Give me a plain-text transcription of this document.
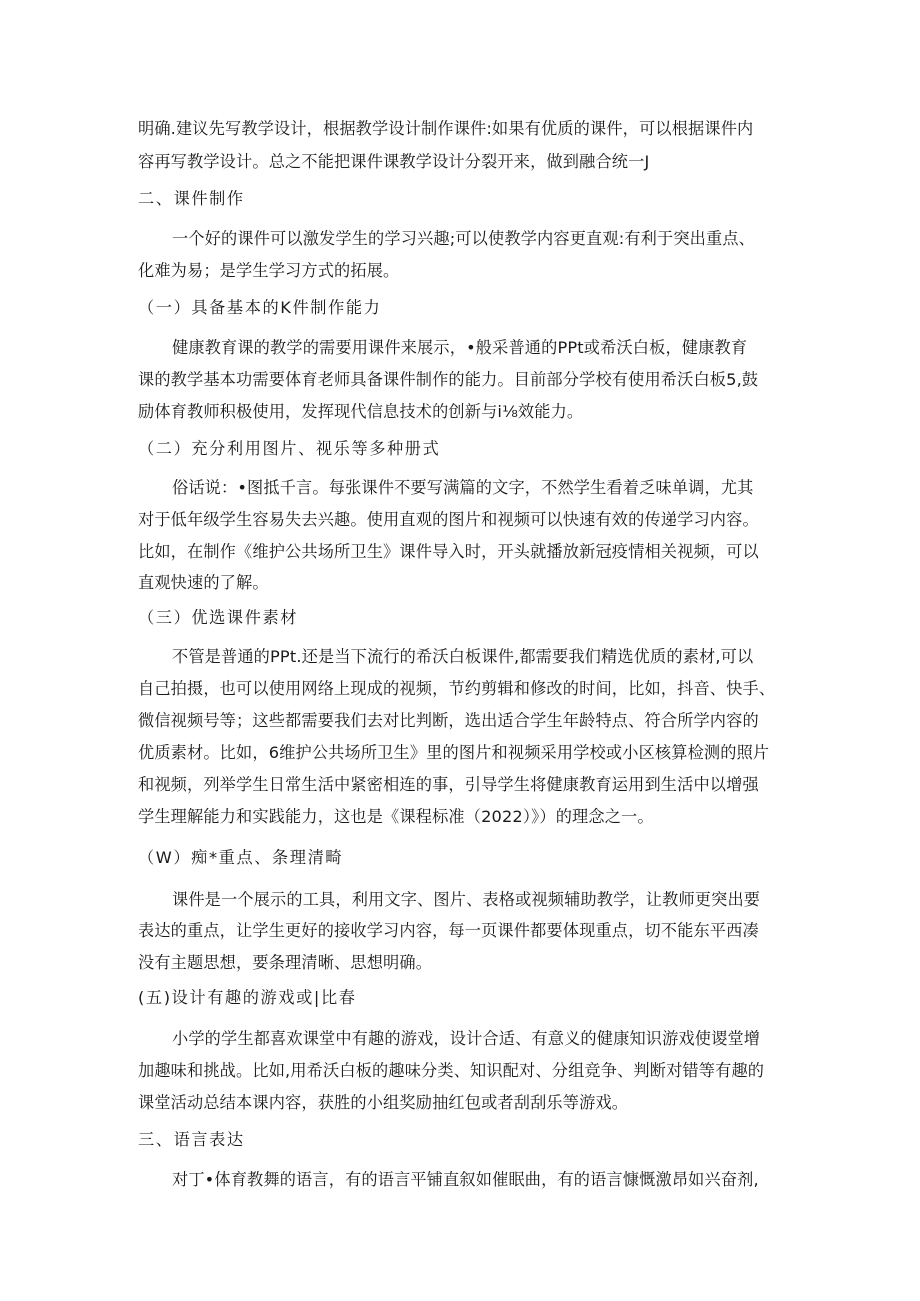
明确.建议先写教学设计，根据教学设计制作课件:如果有优质的课件，可以根据课件内
容再写教学设计。总之不能把课件课教学设计分裂开来，做到融合统一J
二、课件制作
一个好的课件可以激发学生的学习兴趣;可以使教学内容更直观:有利于突出重点、
化难为易；是学生学习方式的拓展。
（一）具备基本的K件制作能力
健康教育课的教学的需要用课件来展示，•般采普通的PPt或希沃白板，健康教育
课的教学基本功需要体育老师具备课件制作的能力。目前部分学校有使用希沃白板5,鼓
励体育教师积极使用，发挥现代信息技术的创新与i⅛效能力。
（二）充分利用图片、视乐等多种册式
俗话说：•图抵千言。每张课件不要写满篇的文字，不然学生看着乏味单调，尤其
对于低年级学生容易失去兴趣。使用直观的图片和视频可以快速有效的传递学习内容。
比如，在制作《维护公共场所卫生》课件导入时，开头就播放新冠疫情相关视频，可以
直观快速的了解。
（三）优选课件素材
不管是普通的PPt.还是当下流行的希沃白板课件,都需要我们精选优质的素材,可以
自己拍摄，也可以使用网络上现成的视频，节约剪辑和修改的时间，比如，抖音、快手、
微信视频号等；这些都需要我们去对比判断，选出适合学生年龄特点、符合所学内容的
优质素材。比如，6维护公共场所卫生》里的图片和视频采用学校或小区核算检测的照片
和视频，列举学生日常生活中紧密相连的事，引导学生将健康教育运用到生活中以增强
学生理解能力和实践能力，这也是《课程标准（2022）》）的理念之一。
（W）痴*重点、条理清畸
课件是一个展示的工具，利用文字、图片、表格或视频辅助教学，让教师更突出要
表达的重点，让学生更好的接收学习内容，每一页课件都要体现重点，切不能东平西凑
没有主题思想，要条理清晰、思想明确。
(五)设计有趣的游戏或|比春
小学的学生都喜欢课堂中有趣的游戏，设计合适、有意义的健康知识游戏使谡堂增
加趣味和挑战。比如,用希沃白板的趣味分类、知识配对、分组竞争、判断对错等有趣的
课堂活动总结本课内容，获胜的小组奖励抽红包或者刮刮乐等游戏。
三、语言表达
对丁•体育教舞的语言，有的语言平铺直叙如催眠曲，有的语言慷慨激昂如兴奋剂,
